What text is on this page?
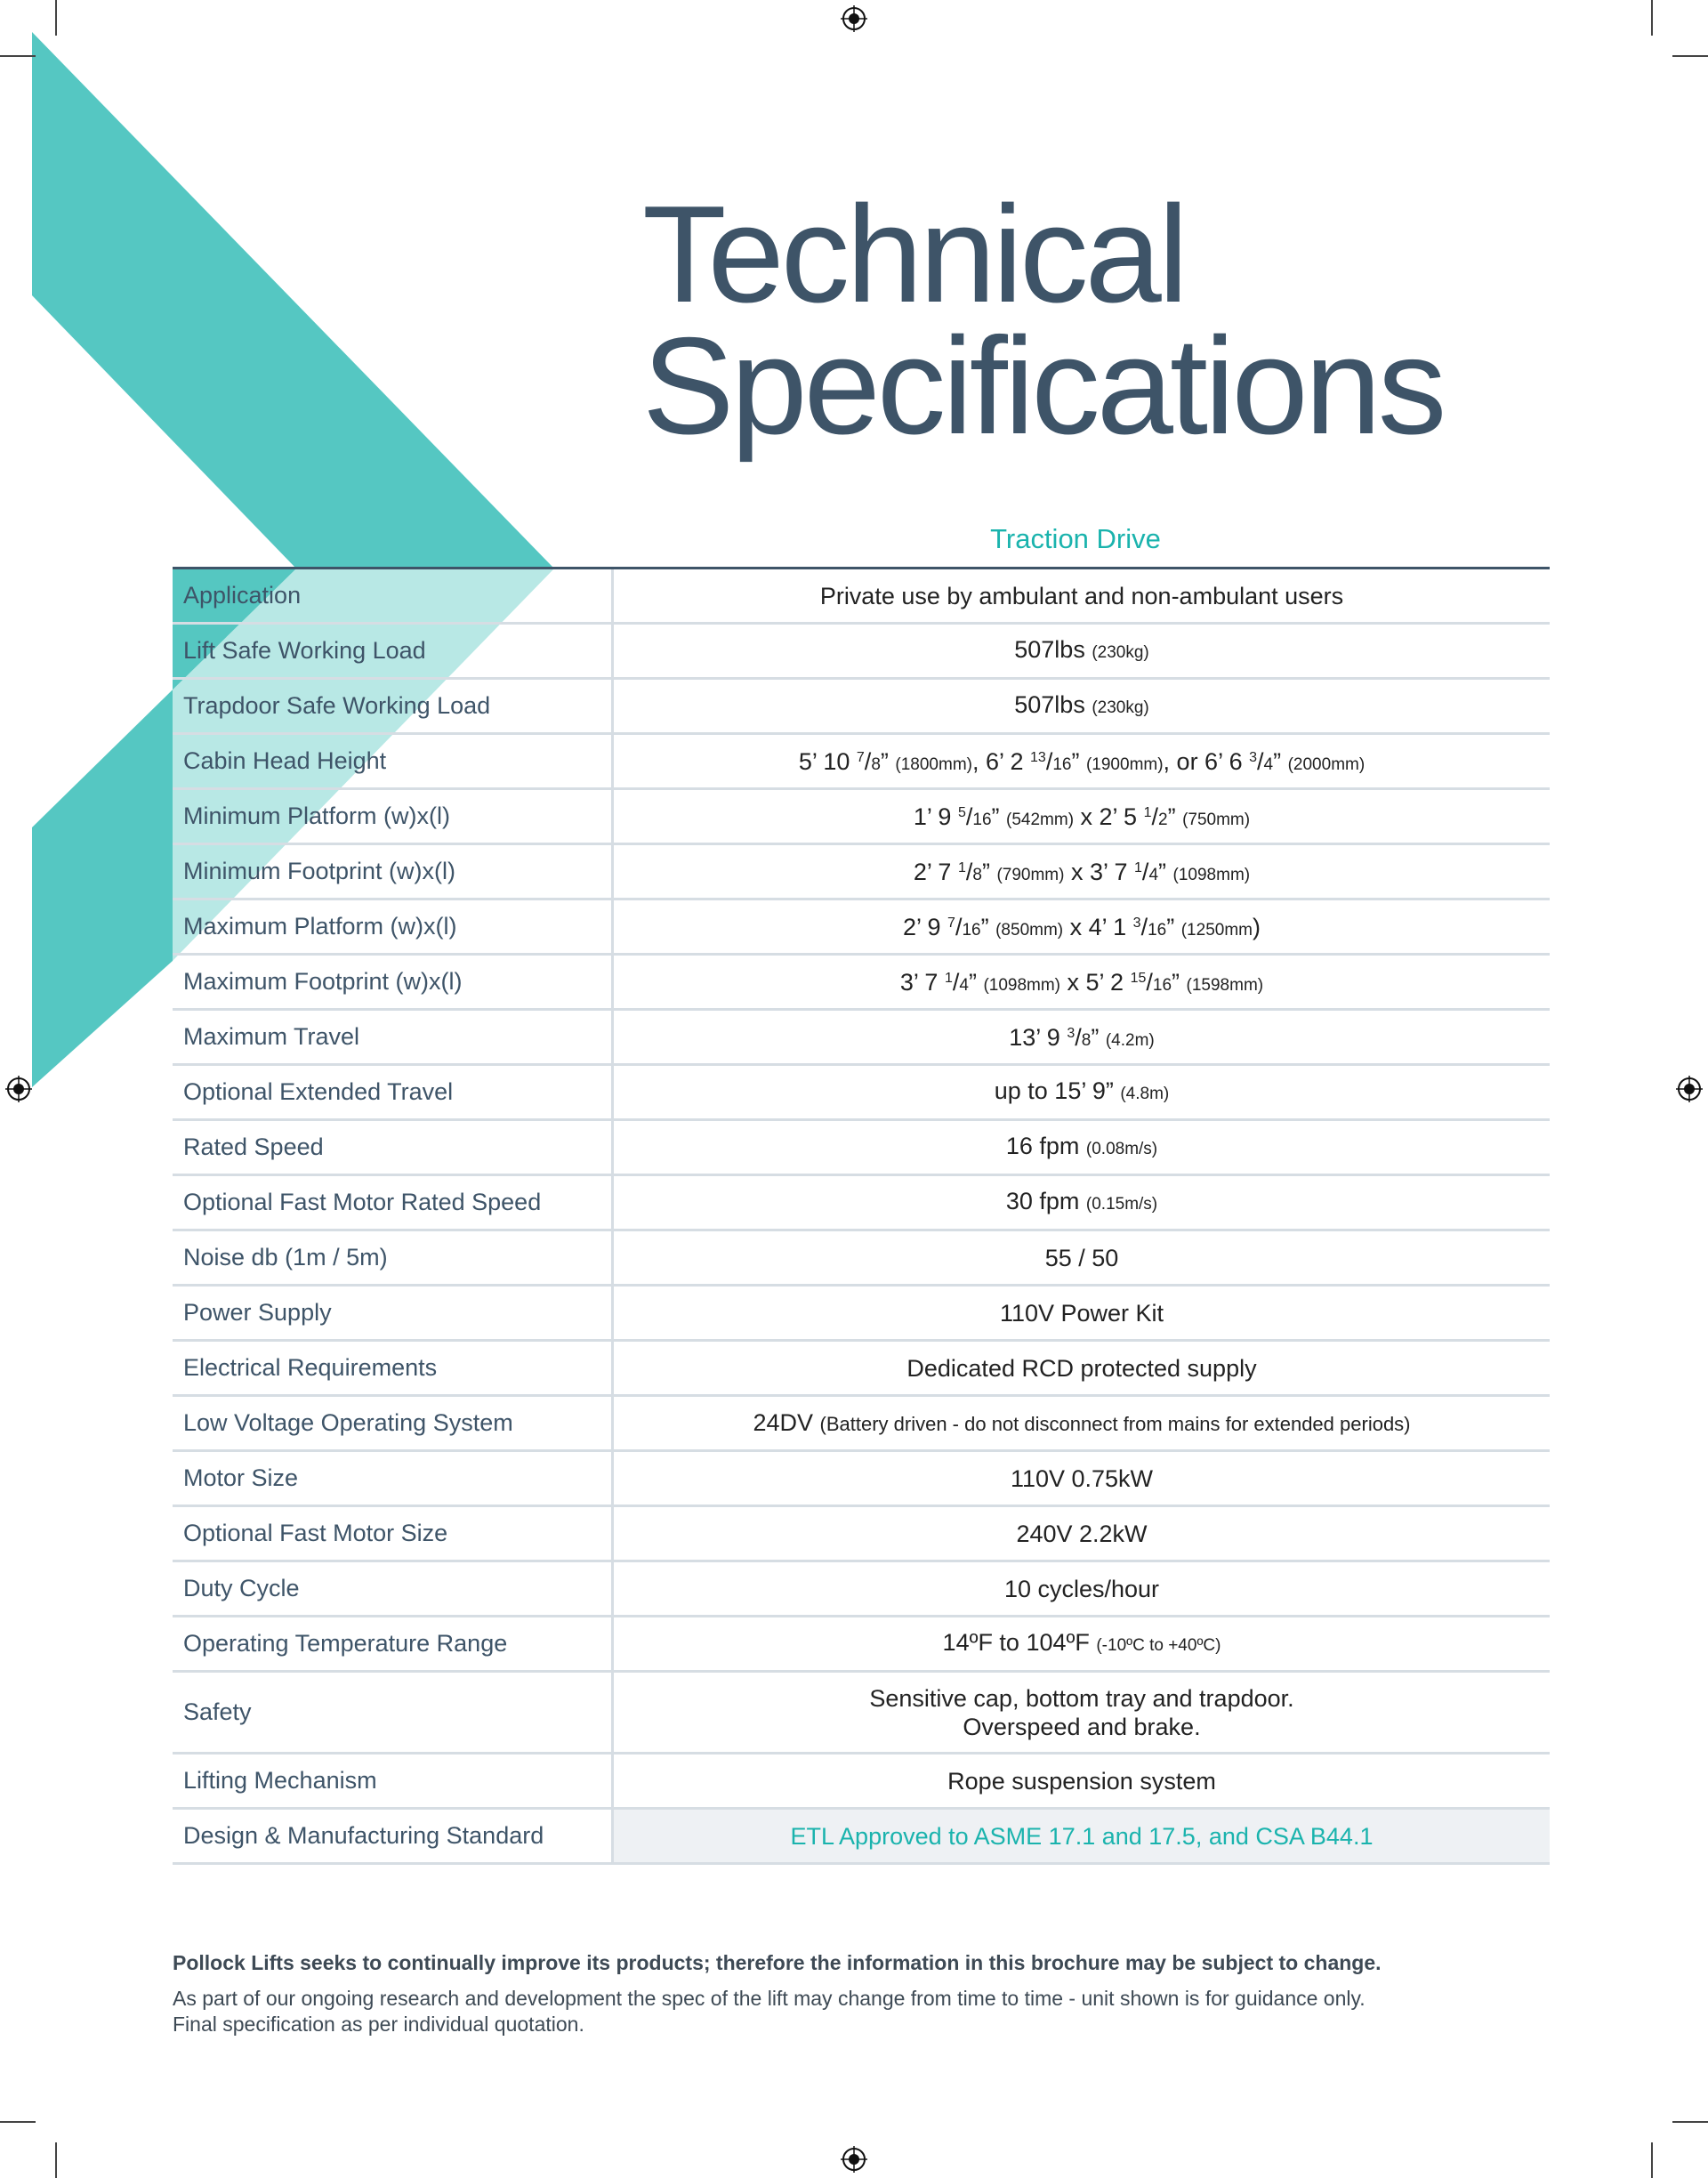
Technical
Specifications
Traction Drive
Application	Private use by ambulant and non-ambulant users
Lift Safe Working Load	507lbs (230kg)
Trapdoor Safe Working Load	507lbs (230kg)
Cabin Head Height	5’ 10 $^7$/8” (1800mm), 6’ 2 $^{13}$/16” (1900mm), or 6’ 6 $^3$/4” (2000mm)
Minimum Platform (w)x(l)	1’ 9 $^5$/16” (542mm) x 2’ 5 $^1$/2” (750mm)
Minimum Footprint (w)x(l)	2’ 7 $^1$/8” (790mm) x 3’ 7 $^1$/4” (1098mm)
Maximum Platform (w)x(l)	2’ 9 $^7$/16” (850mm) x 4’ 1 $^3$/16” (1250mm)
Maximum Footprint (w)x(l)	3’ 7 $^1$/4” (1098mm) x 5’ 2 $^{15}$/16” (1598mm)
Maximum Travel	13’ 9 $^3$/8” (4.2m)
Optional Extended Travel	up to 15’ 9” (4.8m)
Rated Speed	16 fpm (0.08m/s)
Optional Fast Motor Rated Speed	30 fpm (0.15m/s)
Noise db (1m / 5m)	55 / 50
Power Supply	110V Power Kit
Electrical Requirements	Dedicated RCD protected supply
Low Voltage Operating System	24DV (Battery driven - do not disconnect from mains for extended periods)
Motor Size	110V 0.75kW
Optional Fast Motor Size	240V 2.2kW
Duty Cycle	10 cycles/hour
Operating Temperature Range	14ºF to 104ºF (-10ºC to +40ºC)
Safety	Sensitive cap, bottom tray and trapdoor.
Overspeed and brake.

Lifting Mechanism	Rope suspension system
Design & Manufacturing Standard	ETL Approved to ASME 17.1 and 17.5, and CSA B44.1
Pollock Lifts seeks to continually improve its products; therefore the information in this brochure may be subject to change.
As part of our ongoing research and development the spec of the lift may change from time to time - unit shown is for guidance only.
Final specification as per individual quotation.
